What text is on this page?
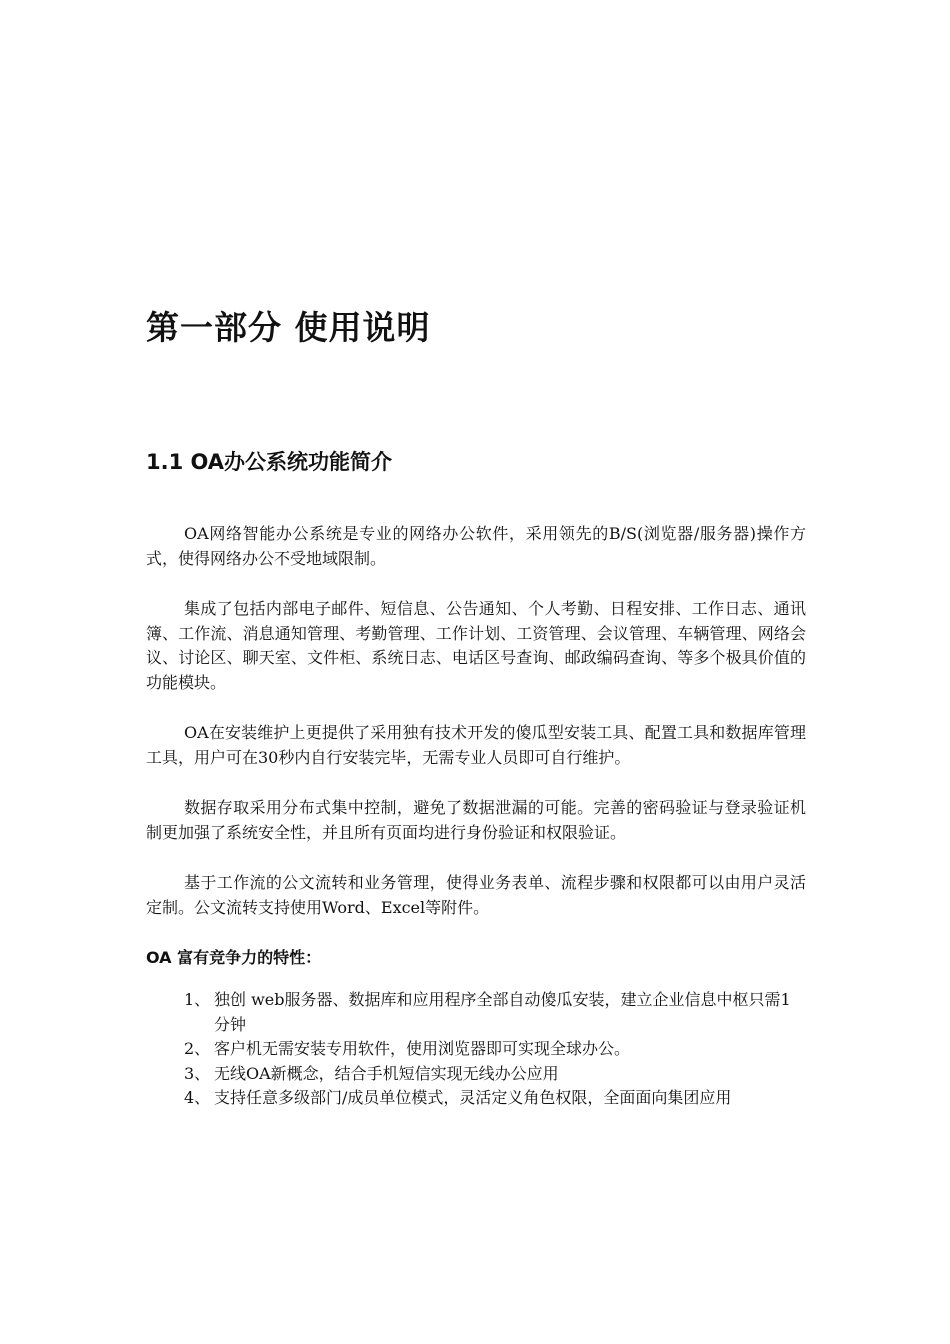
第一部分 使用说明
1.1 OA办公系统功能简介

OA网络智能办公系统是专业的网络办公软件，采用领先的B/S(浏览器/服务器)操作方式，使得网络办公不受地域限制。

集成了包括内部电子邮件、短信息、公告通知、个人考勤、日程安排、工作日志、通讯簿、工作流、消息通知管理、考勤管理、工作计划、工资管理、会议管理、车辆管理、网络会议、讨论区、聊天室、文件柜、系统日志、电话区号查询、邮政编码查询、等多个极具价值的功能模块。

OA在安装维护上更提供了采用独有技术开发的傻瓜型安装工具、配置工具和数据库管理工具，用户可在30秒内自行安装完毕，无需专业人员即可自行维护。

数据存取采用分布式集中控制，避免了数据泄漏的可能。完善的密码验证与登录验证机制更加强了系统安全性，并且所有页面均进行身份验证和权限验证。

基于工作流的公文流转和业务管理，使得业务表单、流程步骤和权限都可以由用户灵活定制。公文流转支持使用Word、Excel等附件。

OA 富有竞争力的特性：

1、 独创 web服务器、数据库和应用程序全部自动傻瓜安装，建立企业信息中枢只需1分钟
2、 客户机无需安装专用软件，使用浏览器即可实现全球办公。
3、 无线OA新概念，结合手机短信实现无线办公应用
4、 支持任意多级部门/成员单位模式，灵活定义角色权限，全面面向集团应用
